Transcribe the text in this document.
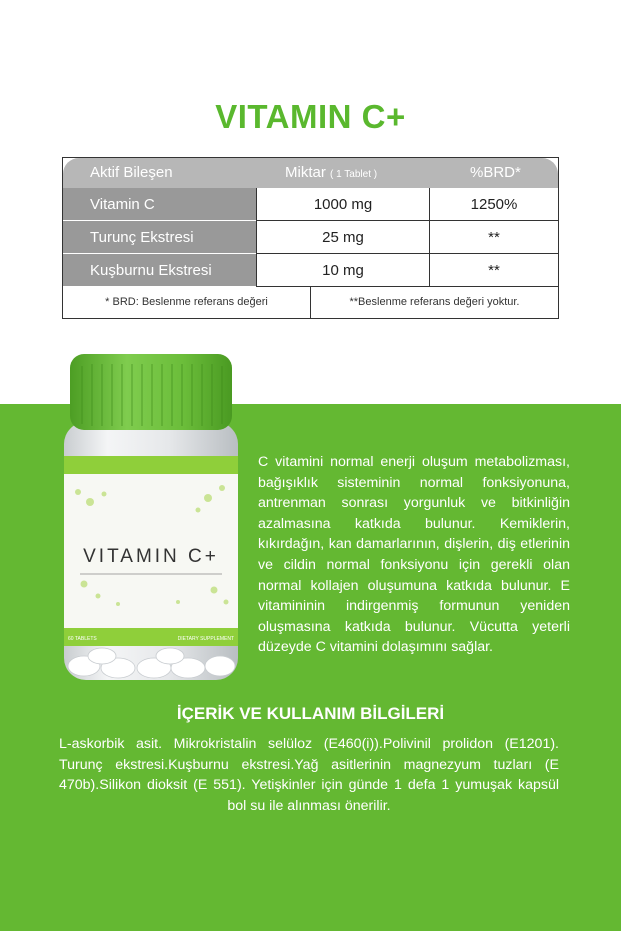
VITAMIN C+
Aktif Bileşen	Miktar ( 1 Tablet )	%BRD*
Vitamin C	1000 mg	1250%
Turunç Ekstresi	25 mg	**
Kuşburnu Ekstresi	10 mg	**
* BRD: Beslenme referans değeri	**Beslenme referans değeri yoktur.
VITAMIN C+
60 TABLETS	DIETARY SUPPLEMENT
C vitamini normal enerji oluşum metabolizması, bağışıklık sisteminin normal fonksiyonuna, antrenman sonrası yorgunluk ve bitkinliğin azalmasına katkıda bulunur. Kemiklerin, kıkırdağın, kan damarlarının, dişlerin, diş etlerinin ve cildin normal fonksiyonu için gerekli olan normal kollajen oluşumuna katkıda bulunur. E vitamininin indirgenmiş formunun yeniden oluşmasına katkıda bulunur. Vücutta yeterli düzeyde C vitamini dolaşımını sağlar.
İÇERİK VE KULLANIM BİLGİLERİ
L-askorbik asit. Mikrokristalin selüloz (E460(i)).Polivinil prolidon (E1201). Turunç ekstresi.Kuşburnu ekstresi.Yağ asitlerinin magnezyum tuzları (E 470b).Silikon dioksit (E 551). Yetişkinler için günde 1 defa 1 yumuşak kapsül bol su ile alınması önerilir.
